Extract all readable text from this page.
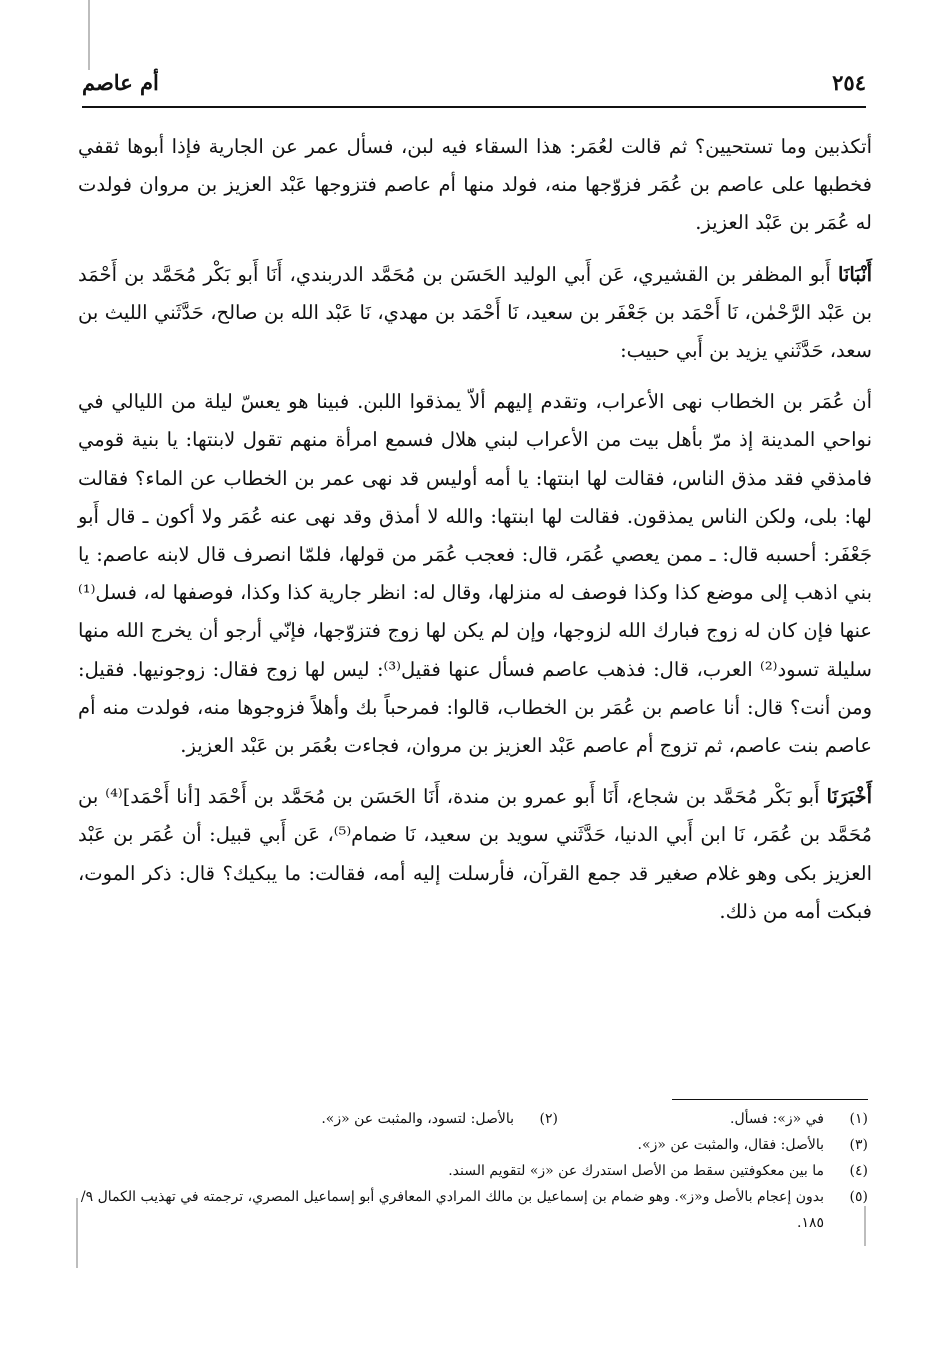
٢٥٤
أم عاصم

أتكذبين وما تستحيين؟ ثم قالت لعُمَر: هذا السقاء فيه لبن، فسأل عمر عن الجارية فإذا أبوها ثقفي فخطبها على عاصم بن عُمَر فزوّجها منه، فولد منها أم عاصم فتزوجها عَبْد العزيز بن مروان فولدت له عُمَر بن عَبْد العزيز.

أَنْبَانَا أَبو المظفر بن القشيري، عَن أَبي الوليد الحَسَن بن مُحَمَّد الدربندي، أَنَا أَبو بَكْر مُحَمَّد بن أَحْمَد بن عَبْد الرَّحْمٰن، نَا أَحْمَد بن جَعْفَر بن سعيد، نَا أَحْمَد بن مهدي، نَا عَبْد الله بن صالح، حَدَّثَني الليث بن سعد، حَدَّثَني يزيد بن أَبي حبيب:

أن عُمَر بن الخطاب نهى الأعراب، وتقدم إليهم ألاّ يمذقوا اللبن. فبينا هو يعسّ ليلة من الليالي في نواحي المدينة إذ مرّ بأهل بيت من الأعراب لبني هلال فسمع امرأة منهم تقول لابنتها: يا بنية قومي فامذقي فقد مذق الناس، فقالت لها ابنتها: يا أمه أوليس قد نهى عمر بن الخطاب عن الماء؟ فقالت لها: بلى، ولكن الناس يمذقون. فقالت لها ابنتها: والله لا أمذق وقد نهى عنه عُمَر ولا أكون ـ قال أَبو جَعْفَر: أحسبه قال: ـ ممن يعصي عُمَر، قال: فعجب عُمَر من قولها، فلمّا انصرف قال لابنه عاصم: يا بني اذهب إلى موضع كذا وكذا فوصف له منزلها، وقال له: انظر جارية كذا وكذا، فوصفها له، فسل⁽¹⁾ عنها فإن كان له زوج فبارك الله لزوجها، وإن لم يكن لها زوج فتزوّجها، فإنّي أرجو أن يخرج الله منها سليلة تسود⁽²⁾ العرب، قال: فذهب عاصم فسأل عنها فقيل⁽³⁾: ليس لها زوج فقال: زوجونيها. فقيل: ومن أنت؟ قال: أنا عاصم بن عُمَر بن الخطاب، قالوا: فمرحباً بك وأهلاً فزوجوها منه، فولدت منه أم عاصم بنت عاصم، ثم تزوج أم عاصم عَبْد العزيز بن مروان، فجاءت بعُمَر بن عَبْد العزيز.

أَخْبَرَنَا أَبو بَكْر مُحَمَّد بن شجاع، أَنَا أَبو عمرو بن مندة، أَنَا الحَسَن بن مُحَمَّد بن أَحْمَد [أنا أَحْمَد]⁽⁴⁾ بن مُحَمَّد بن عُمَر، نَا ابن أَبي الدنيا، حَدَّثَني سويد بن سعيد، نَا ضمام⁽⁵⁾، عَن أَبي قبيل: أن عُمَر بن عَبْد العزيز بكى وهو غلام صغير قد جمع القرآن، فأرسلت إليه أمه، فقالت: ما يبكيك؟ قال: ذكر الموت، فبكت أمه من ذلك.

(١)
في «ز»: فسأل.
(٢)
بالأصل: لتسود، والمثبت عن «ز».
(٣)
بالأصل: فقال، والمثبت عن «ز».
(٤)
ما بين معكوفتين سقط من الأصل استدرك عن «ز» لتقويم السند.
(٥)
بدون إعجام بالأصل و«ز». وهو ضمام بن إسماعيل بن مالك المرادي المعافري أبو إسماعيل المصري، ترجمته في تهذيب الكمال ٩/ ١٨٥.
